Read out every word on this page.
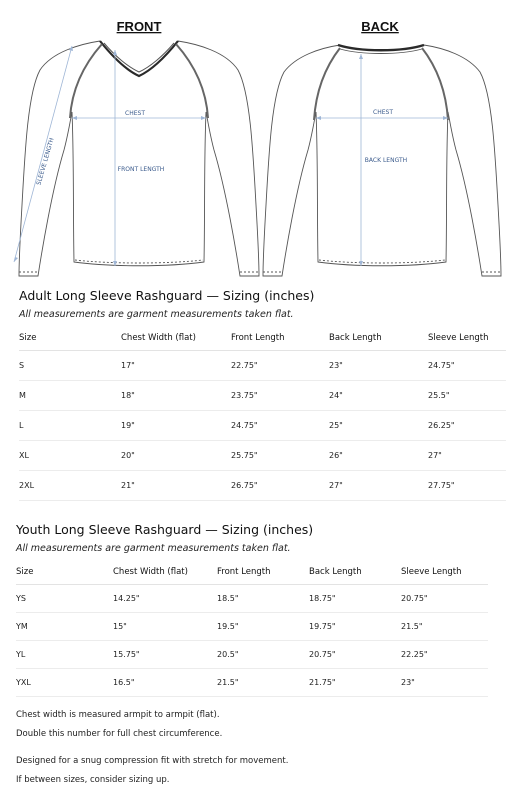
FRONT
CHEST
FRONT LENGTH
SLEEVE LENGTH
BACK
CHEST
BACK LENGTH
Adult Long Sleeve Rashguard — Sizing (inches)
All measurements are garment measurements taken flat.
Size	Chest Width (flat)	Front Length	Back Length	Sleeve Length
S	17"	22.75"	23"	24.75"
M	18"	23.75"	24"	25.5"
L	19"	24.75"	25"	26.25"
XL	20"	25.75"	26"	27"
2XL	21"	26.75"	27"	27.75"
Youth Long Sleeve Rashguard — Sizing (inches)
All measurements are garment measurements taken flat.
Size	Chest Width (flat)	Front Length	Back Length	Sleeve Length
YS	14.25"	18.5"	18.75"	20.75"
YM	15"	19.5"	19.75"	21.5"
YL	15.75"	20.5"	20.75"	22.25"
YXL	16.5"	21.5"	21.75"	23"
Chest width is measured armpit to armpit (flat).
Double this number for full chest circumference.
Designed for a snug compression fit with stretch for movement.
If between sizes, consider sizing up.
